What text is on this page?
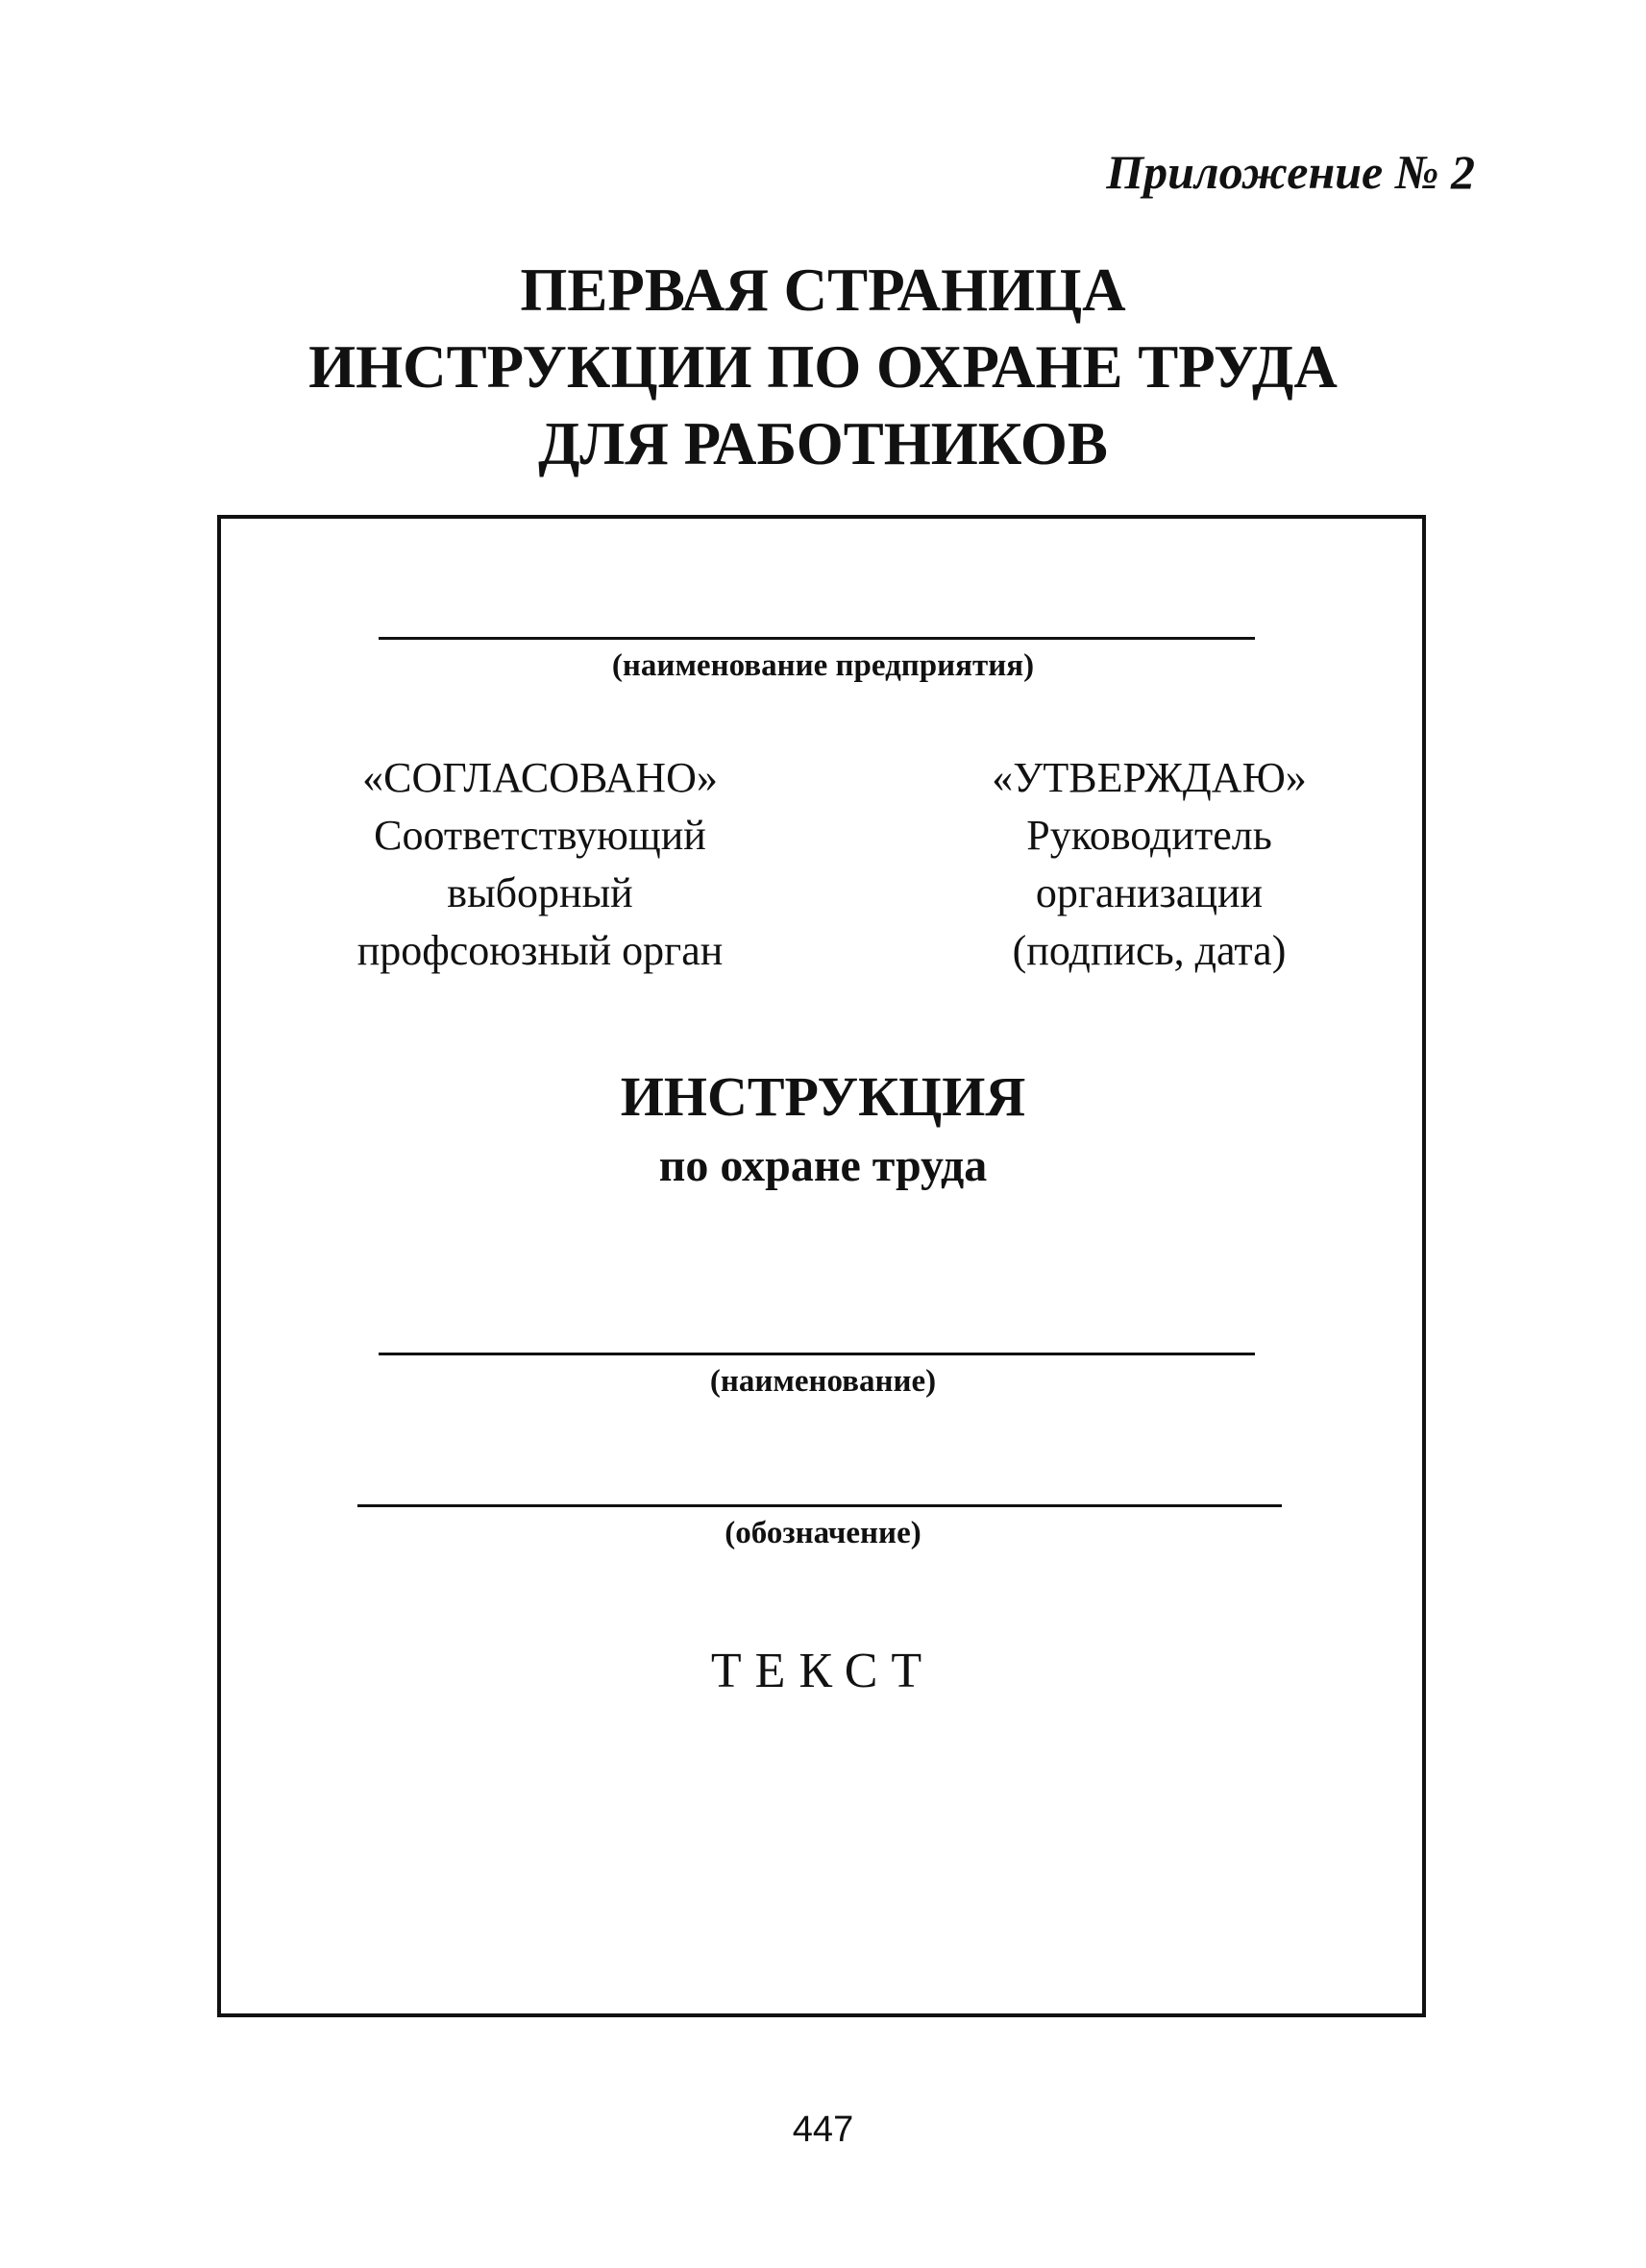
Приложение № 2
ПЕРВАЯ СТРАНИЦА
ИНСТРУКЦИИ ПО ОХРАНЕ ТРУДА
ДЛЯ РАБОТНИКОВ
(наименование предприятия)
«СОГЛАСОВАНО»
Соответствующий
выборный
профсоюзный орган
«УТВЕРЖДАЮ»
Руководитель
организации
(подпись, дата)
ИНСТРУКЦИЯ
по охране труда
(наименование)
(обозначение)
ТЕКСТ
447
